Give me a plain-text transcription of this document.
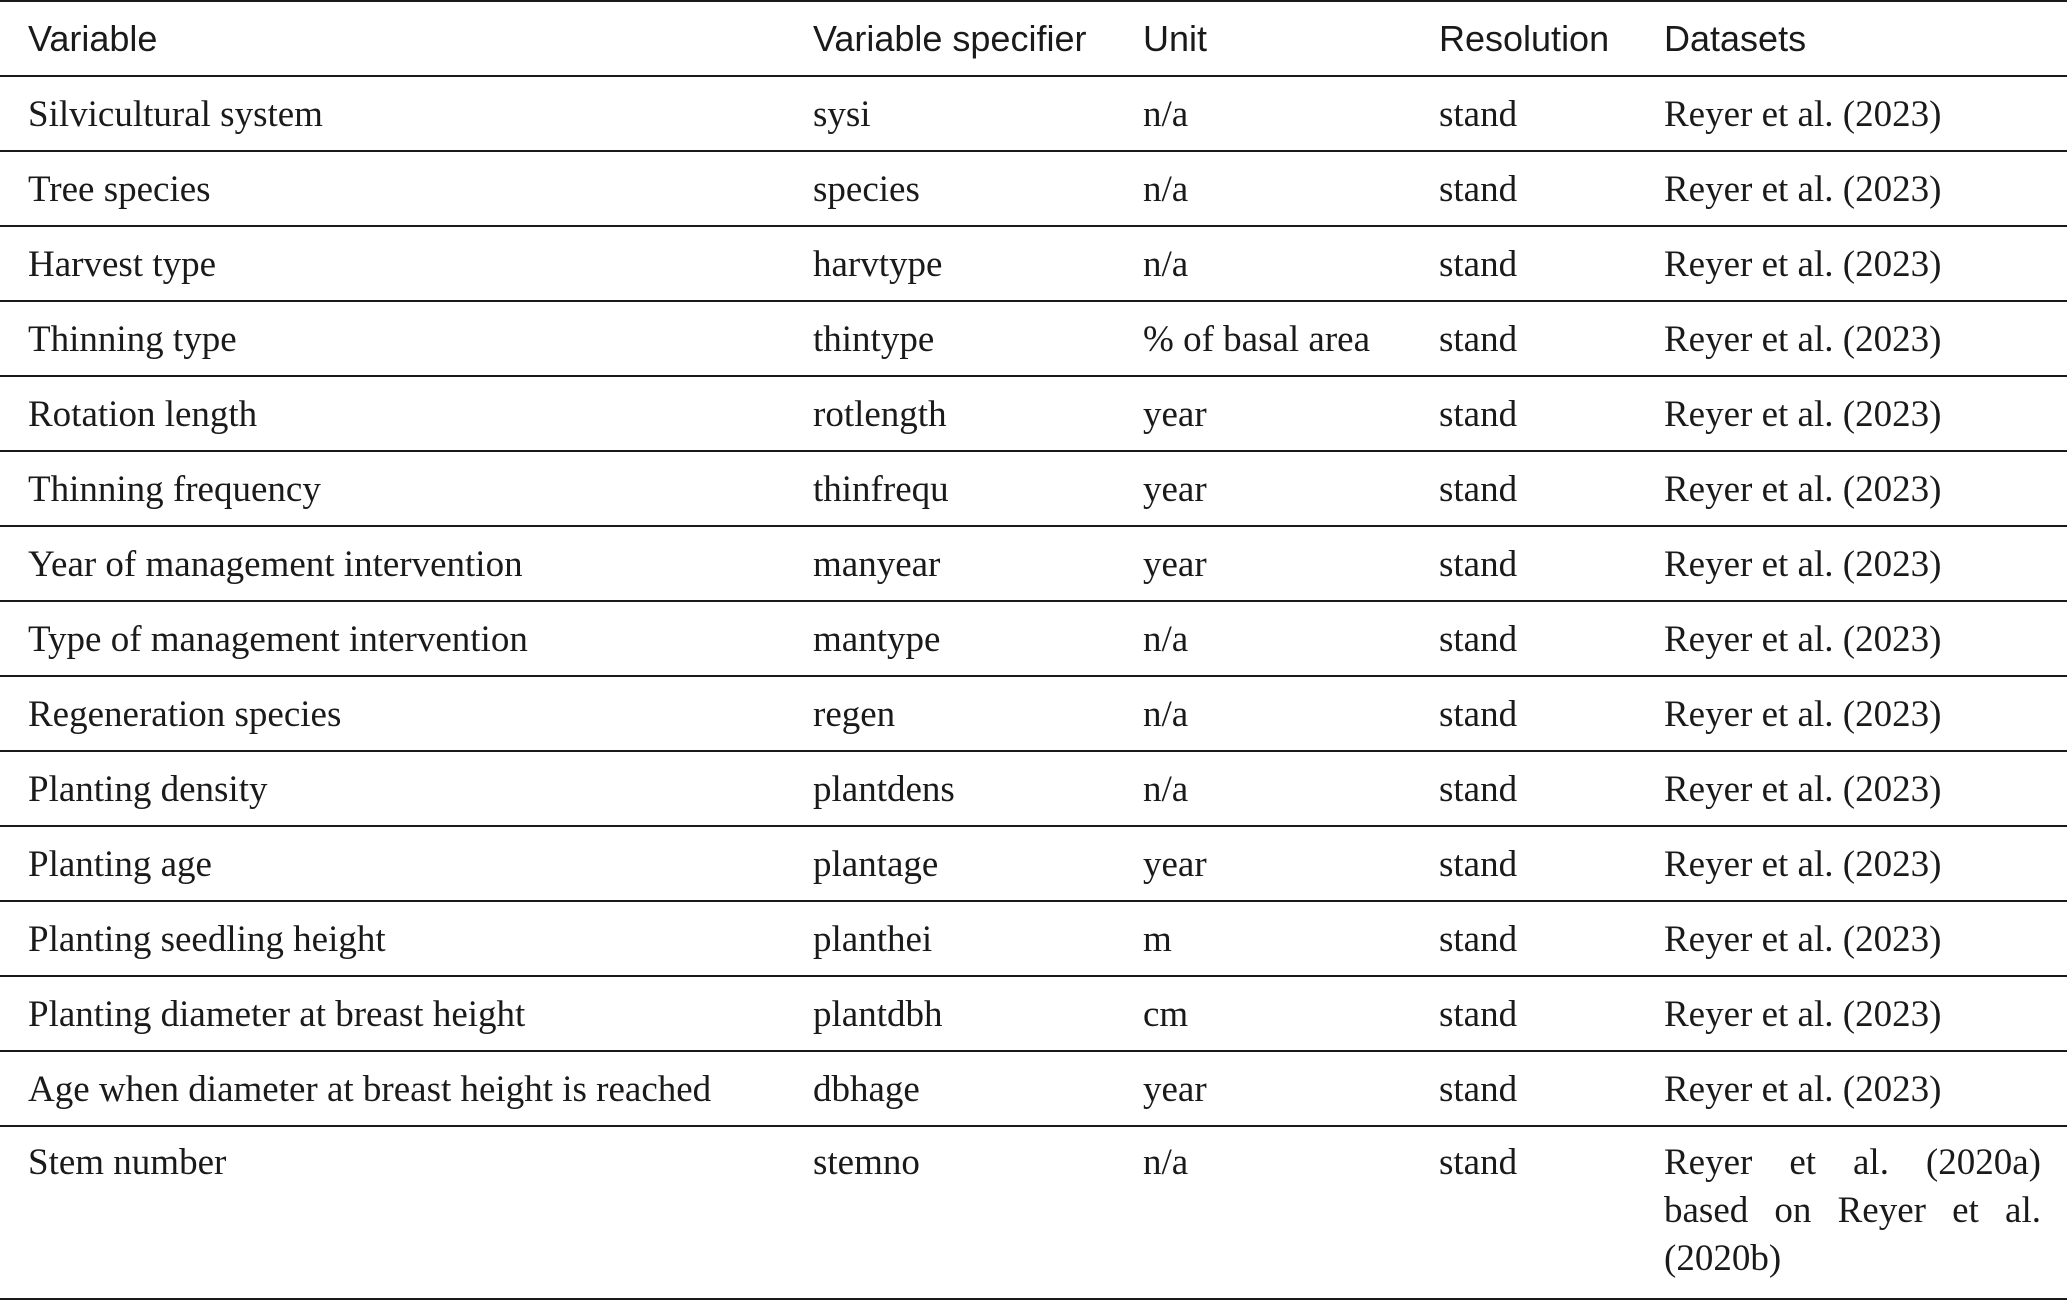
Variable	Variable specifier	Unit	Resolution	Datasets
Silvicultural system	sysi	n/a	stand	Reyer et al. (2023)
Tree species	species	n/a	stand	Reyer et al. (2023)
Harvest type	harvtype	n/a	stand	Reyer et al. (2023)
Thinning type	thintype	% of basal area	stand	Reyer et al. (2023)
Rotation length	rotlength	year	stand	Reyer et al. (2023)
Thinning frequency	thinfrequ	year	stand	Reyer et al. (2023)
Year of management intervention	manyear	year	stand	Reyer et al. (2023)
Type of management intervention	mantype	n/a	stand	Reyer et al. (2023)
Regeneration species	regen	n/a	stand	Reyer et al. (2023)
Planting density	plantdens	n/a	stand	Reyer et al. (2023)
Planting age	plantage	year	stand	Reyer et al. (2023)
Planting seedling height	planthei	m	stand	Reyer et al. (2023)
Planting diameter at breast height	plantdbh	cm	stand	Reyer et al. (2023)
Age when diameter at breast height is reached	dbhage	year	stand	Reyer et al. (2023)
Stem number	stemno	n/a	stand	Reyer et al. (2020a) based on Reyer et al. (2020b)
